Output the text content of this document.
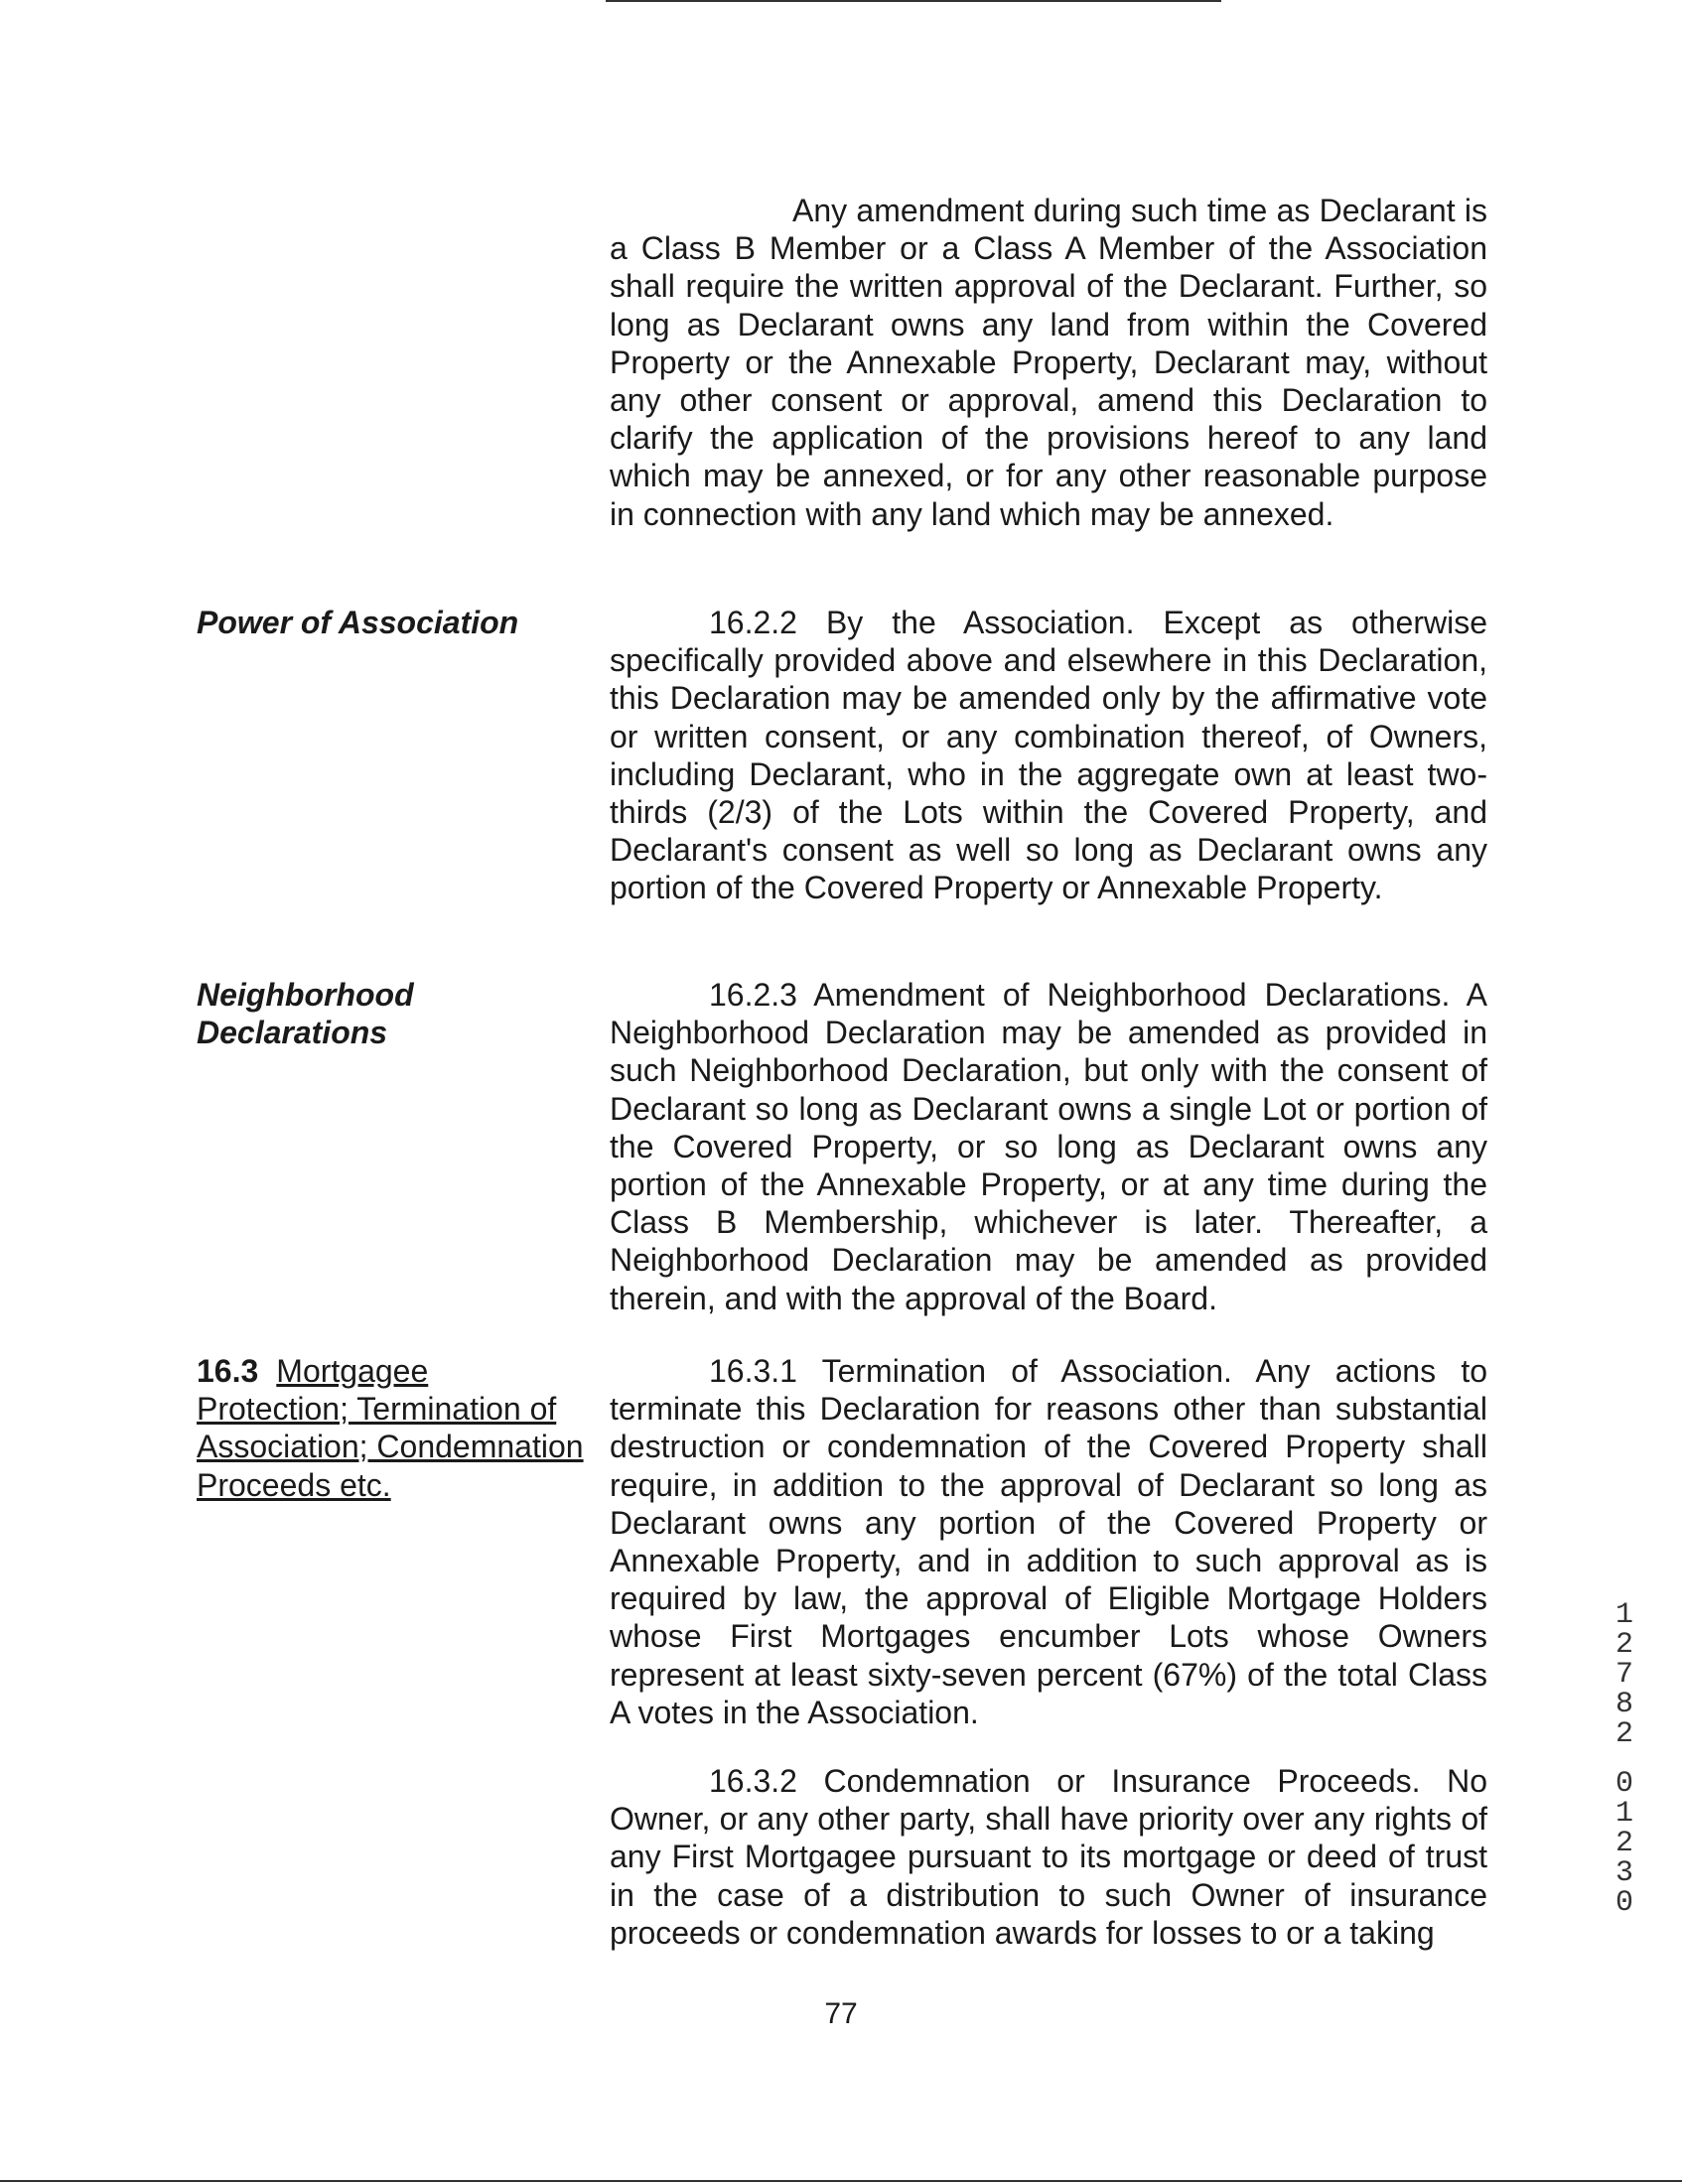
Any amendment during such time as Declarant is a Class B Member or a Class A Member of the Association shall require the written approval of the Declarant. Further, so long as Declarant owns any land from within the Covered Property or the Annexable Property, Declarant may, without any other consent or approval, amend this Declaration to clarify the application of the provisions hereof to any land which may be annexed, or for any other reasonable purpose in connection with any land which may be annexed.

Power of Association	16.2.2 By the Association. Except as otherwise specifically provided above and elsewhere in this Declaration, this Declaration may be amended only by the affirmative vote or written consent, or any combination thereof, of Owners, including Declarant, who in the aggregate own at least two-thirds (2/3) of the Lots within the Covered Property, and Declarant's consent as well so long as Declarant owns any portion of the Covered Property or Annexable Property.

Neighborhood
Declarations

16.2.3 Amendment of Neighborhood Declarations. A Neighborhood Declaration may be amended as provided in such Neighborhood Declaration, but only with the consent of Declarant so long as Declarant owns a single Lot or portion of the Covered Property, or so long as Declarant owns any portion of the Annexable Property, or at any time during the Class B Membership, whichever is later. Thereafter, a Neighborhood Declaration may be amended as provided therein, and with the approval of the Board.

16.3 Mortgagee Protection; Termination of Association; Condemnation Proceeds etc.

16.3.1 Termination of Association. Any actions to terminate this Declaration for reasons other than substantial destruction or condemnation of the Covered Property shall require, in addition to the approval of Declarant so long as Declarant owns any portion of the Covered Property or Annexable Property, and in addition to such approval as is required by law, the approval of Eligible Mortgage Holders whose First Mortgages encumber Lots whose Owners represent at least sixty-seven percent (67%) of the total Class A votes in the Association.

16.3.2 Condemnation or Insurance Proceeds. No Owner, or any other party, shall have priority over any rights of any First Mortgagee pursuant to its mortgage or deed of trust in the case of a distribution to such Owner of insurance proceeds or condemnation awards for losses to or a taking

77
1
2
7
8
2
0
1
2
3
0
